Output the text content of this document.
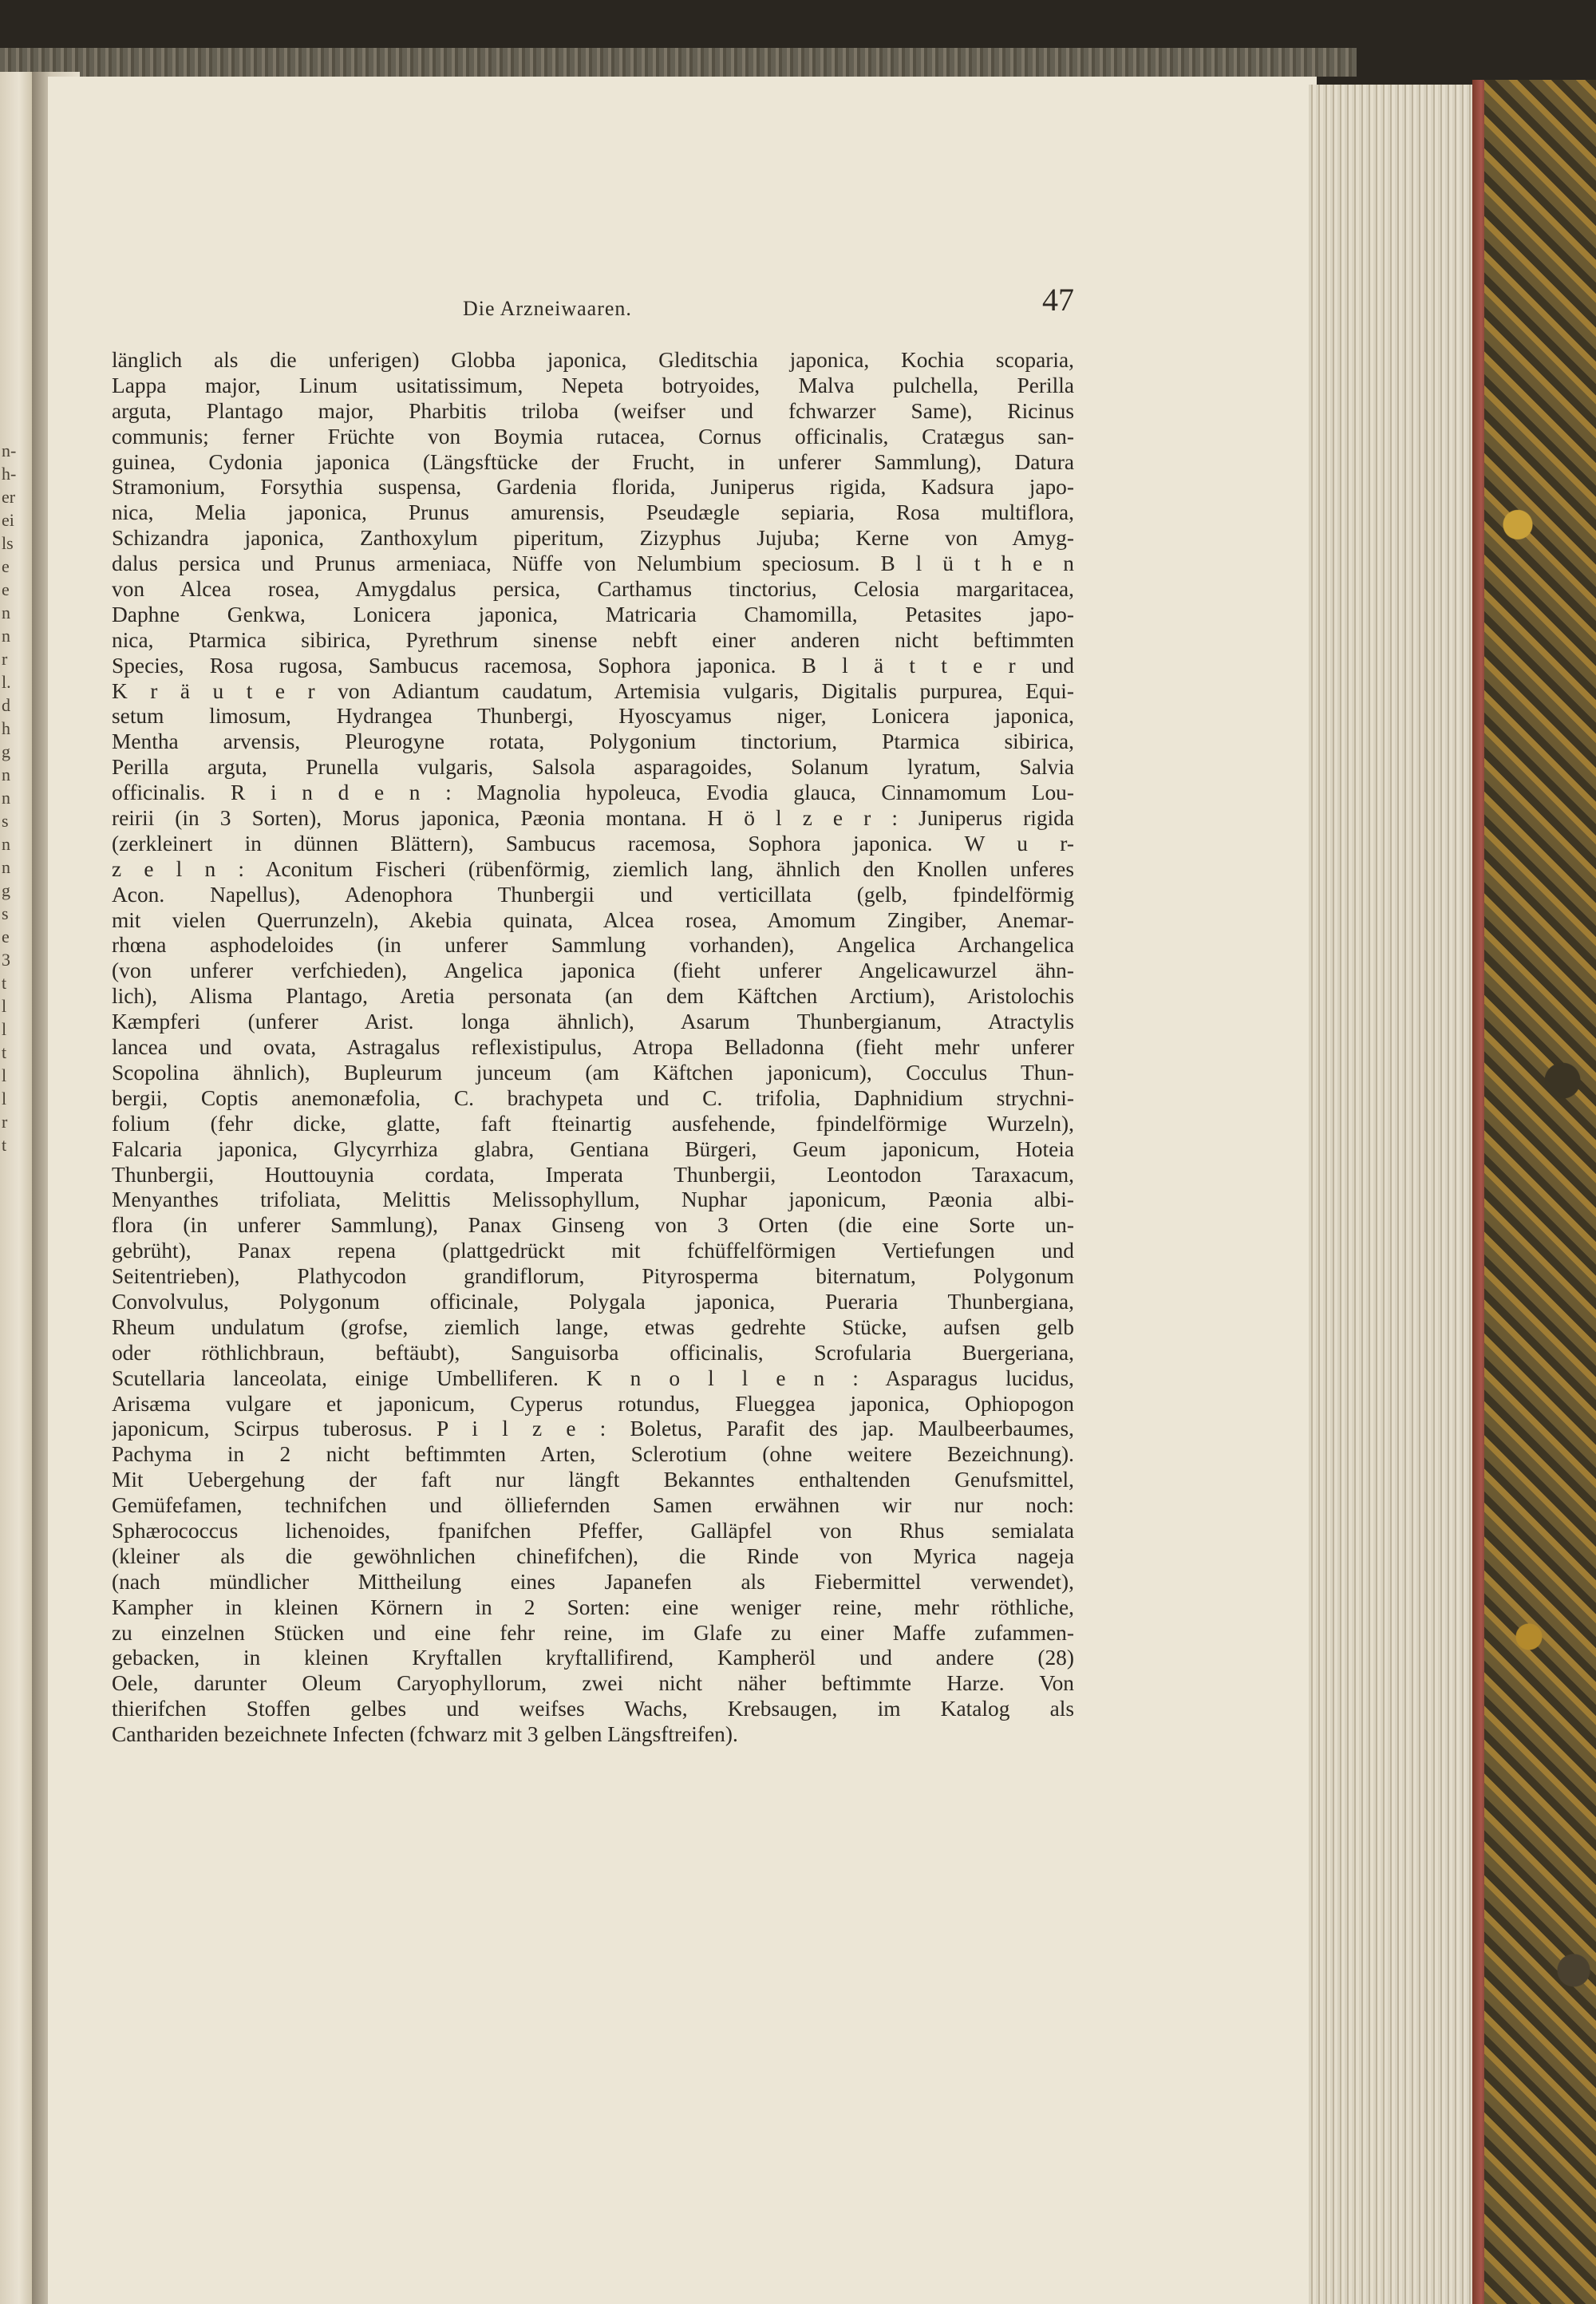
n-
h-
er
ei
ls
e
e
n
n
r
l.
d
h
g
n
n
s
n
n
g
s
e
3
t
l
l
t
l
l
r
t
Die Arzneiwaaren.	47
länglich als die unferigen) Globba japonica, Gleditschia japonica, Kochia scoparia,
Lappa major, Linum usitatissimum, Nepeta botryoides, Malva pulchella, Perilla
arguta, Plantago major, Pharbitis triloba (weifser und fchwarzer Same), Ricinus
communis; ferner Früchte von Boymia rutacea, Cornus officinalis, Cratægus san-
guinea, Cydonia japonica (Längsftücke der Frucht, in unferer Sammlung), Datura
Stramonium, Forsythia suspensa, Gardenia florida, Juniperus rigida, Kadsura japo-
nica, Melia japonica, Prunus amurensis, Pseudægle sepiaria, Rosa multiflora,
Schizandra japonica, Zanthoxylum piperitum, Zizyphus Jujuba; Kerne von Amyg-
dalus persica und Prunus armeniaca, Nüffe von Nelumbium speciosum. B l ü t h e n
von Alcea rosea, Amygdalus persica, Carthamus tinctorius, Celosia margaritacea,
Daphne Genkwa, Lonicera japonica, Matricaria Chamomilla, Petasites japo-
nica, Ptarmica sibirica, Pyrethrum sinense nebft einer anderen nicht beftimmten
Species, Rosa rugosa, Sambucus racemosa, Sophora japonica. B l ä t t e r und
K r ä u t e r von Adiantum caudatum, Artemisia vulgaris, Digitalis purpurea, Equi-
setum limosum, Hydrangea Thunbergi, Hyoscyamus niger, Lonicera japonica,
Mentha arvensis, Pleurogyne rotata, Polygonium tinctorium, Ptarmica sibirica,
Perilla arguta, Prunella vulgaris, Salsola asparagoides, Solanum lyratum, Salvia
officinalis. R i n d e n : Magnolia hypoleuca, Evodia glauca, Cinnamomum Lou-
reirii (in 3 Sorten), Morus japonica, Pæonia montana. H ö l z e r : Juniperus rigida
(zerkleinert in dünnen Blättern), Sambucus racemosa, Sophora japonica. W u r-
z e l n : Aconitum Fischeri (rübenförmig, ziemlich lang, ähnlich den Knollen unferes
Acon. Napellus), Adenophora Thunbergii und verticillata (gelb, fpindelförmig
mit vielen Querrunzeln), Akebia quinata, Alcea rosea, Amomum Zingiber, Anemar-
rhœna asphodeloides (in unferer Sammlung vorhanden), Angelica Archangelica
(von unferer verfchieden), Angelica japonica (fieht unferer Angelicawurzel ähn-
lich), Alisma Plantago, Aretia personata (an dem Käftchen Arctium), Aristolochis
Kæmpferi (unferer Arist. longa ähnlich), Asarum Thunbergianum, Atractylis
lancea und ovata, Astragalus reflexistipulus, Atropa Belladonna (fieht mehr unferer
Scopolina ähnlich), Bupleurum junceum (am Käftchen japonicum), Cocculus Thun-
bergii, Coptis anemonæfolia, C. brachypeta und C. trifolia, Daphnidium strychni-
folium (fehr dicke, glatte, faft fteinartig ausfehende, fpindelförmige Wurzeln),
Falcaria japonica, Glycyrrhiza glabra, Gentiana Bürgeri, Geum japonicum, Hoteia
Thunbergii, Houttouynia cordata, Imperata Thunbergii, Leontodon Taraxacum,
Menyanthes trifoliata, Melittis Melissophyllum, Nuphar japonicum, Pæonia albi-
flora (in unferer Sammlung), Panax Ginseng von 3 Orten (die eine Sorte un-
gebrüht), Panax repena (plattgedrückt mit fchüffelförmigen Vertiefungen und
Seitentrieben), Plathycodon grandiflorum, Pityrosperma biternatum, Polygonum
Convolvulus, Polygonum officinale, Polygala japonica, Pueraria Thunbergiana,
Rheum undulatum (grofse, ziemlich lange, etwas gedrehte Stücke, aufsen gelb
oder röthlichbraun, beftäubt), Sanguisorba officinalis, Scrofularia Buergeriana,
Scutellaria lanceolata, einige Umbelliferen. K n o l l e n : Asparagus lucidus,
Arisæma vulgare et japonicum, Cyperus rotundus, Flueggea japonica, Ophiopogon
japonicum, Scirpus tuberosus. P i l z e : Boletus, Parafit des jap. Maulbeerbaumes,
Pachyma in 2 nicht beftimmten Arten, Sclerotium (ohne weitere Bezeichnung).
Mit Uebergehung der faft nur längft Bekanntes enthaltenden Genufsmittel,
Gemüfefamen, technifchen und ölliefernden Samen erwähnen wir nur noch:
Sphærococcus lichenoides, fpanifchen Pfeffer, Galläpfel von Rhus semialata
(kleiner als die gewöhnlichen chinefifchen), die Rinde von Myrica nageja
(nach mündlicher Mittheilung eines Japanefen als Fiebermittel verwendet),
Kampher in kleinen Körnern in 2 Sorten: eine weniger reine, mehr röthliche,
zu einzelnen Stücken und eine fehr reine, im Glafe zu einer Maffe zufammen-
gebacken, in kleinen Kryftallen kryftallifirend, Kampheröl und andere (28)
Oele, darunter Oleum Caryophyllorum, zwei nicht näher beftimmte Harze. Von
thierifchen Stoffen gelbes und weifses Wachs, Krebsaugen, im Katalog als
Canthariden bezeichnete Infecten (fchwarz mit 3 gelben Längsftreifen).
